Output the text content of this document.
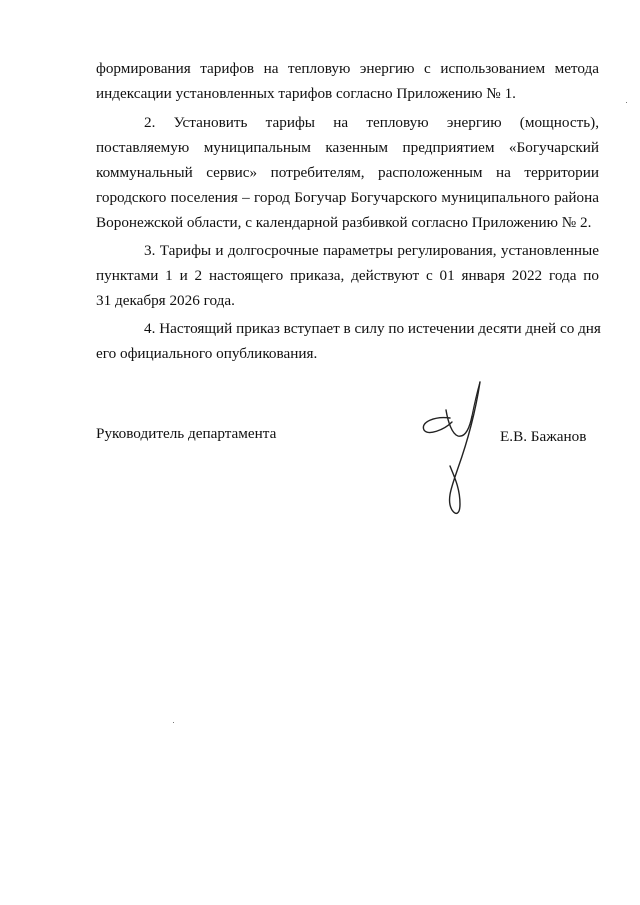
формирования тарифов на тепловую энергию с использованием метода
индексации установленных тарифов согласно Приложению № 1.
2. Установить тарифы на тепловую энергию (мощность),
поставляемую муниципальным казенным предприятием «Богучарский
коммунальный сервис» потребителям, расположенным на территории
городского поселения – город Богучар Богучарского муниципального района
Воронежской области, с календарной разбивкой согласно Приложению № 2.
3. Тарифы и долгосрочные параметры регулирования, установленные
пунктами 1 и 2 настоящего приказа, действуют с 01 января 2022 года по
31 декабря 2026 года.
4. Настоящий приказ вступает в силу по истечении десяти дней со дня
его официального опубликования.
Руководитель департамента	Е.В. Бажанов
